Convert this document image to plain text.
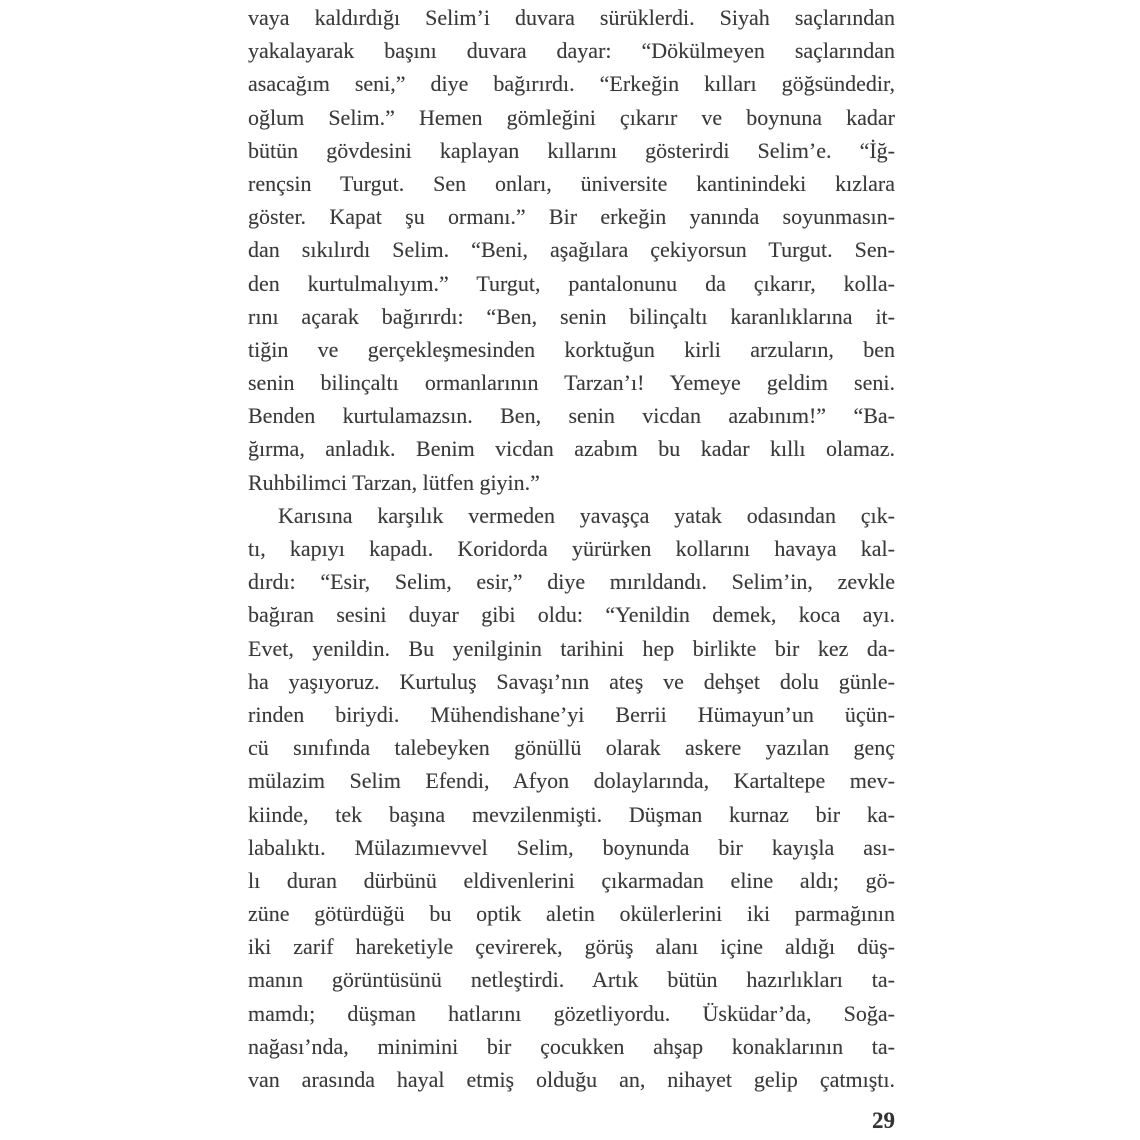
vaya kaldırdığı Selim’i duvara sürüklerdi. Siyah saçlarından
yakalayarak başını duvara dayar: “Dökülmeyen saçlarından
asacağım seni,” diye bağırırdı. “Erkeğin kılları göğsündedir,
oğlum Selim.” Hemen gömleğini çıkarır ve boynuna kadar
bütün gövdesini kaplayan kıllarını gösterirdi Selim’e. “İğ-
rençsin Turgut. Sen onları, üniversite kantinindeki kızlara
göster. Kapat şu ormanı.” Bir erkeğin yanında soyunmasın-
dan sıkılırdı Selim. “Beni, aşağılara çekiyorsun Turgut. Sen-
den kurtulmalıyım.” Turgut, pantalonunu da çıkarır, kolla-
rını açarak bağırırdı: “Ben, senin bilinçaltı karanlıklarına it-
tiğin ve gerçekleşmesinden korktuğun kirli arzuların, ben
senin bilinçaltı ormanlarının Tarzan’ı! Yemeye geldim seni.
Benden kurtulamazsın. Ben, senin vicdan azabınım!” “Ba-
ğırma, anladık. Benim vicdan azabım bu kadar kıllı olamaz.
Ruhbilimci Tarzan, lütfen giyin.”
Karısına karşılık vermeden yavaşça yatak odasından çık-
tı, kapıyı kapadı. Koridorda yürürken kollarını havaya kal-
dırdı: “Esir, Selim, esir,” diye mırıldandı. Selim’in, zevkle
bağıran sesini duyar gibi oldu: “Yenildin demek, koca ayı.
Evet, yenildin. Bu yenilginin tarihini hep birlikte bir kez da-
ha yaşıyoruz. Kurtuluş Savaşı’nın ateş ve dehşet dolu günle-
rinden biriydi. Mühendishane’yi Berrii Hümayun’un üçün-
cü sınıfında talebeyken gönüllü olarak askere yazılan genç
mülazim Selim Efendi, Afyon dolaylarında, Kartaltepe mev-
kiinde, tek başına mevzilenmişti. Düşman kurnaz bir ka-
labalıktı. Mülazımıevvel Selim, boynunda bir kayışla ası-
lı duran dürbünü eldivenlerini çıkarmadan eline aldı; gö-
züne götürdüğü bu optik aletin okülerlerini iki parmağının
iki zarif hareketiyle çevirerek, görüş alanı içine aldığı düş-
manın görüntüsünü netleştirdi. Artık bütün hazırlıkları ta-
mamdı; düşman hatlarını gözetliyordu. Üsküdar’da, Soğa-
nağası’nda, minimini bir çocukken ahşap konaklarının ta-
van arasında hayal etmiş olduğu an, nihayet gelip çatmıştı.
29
